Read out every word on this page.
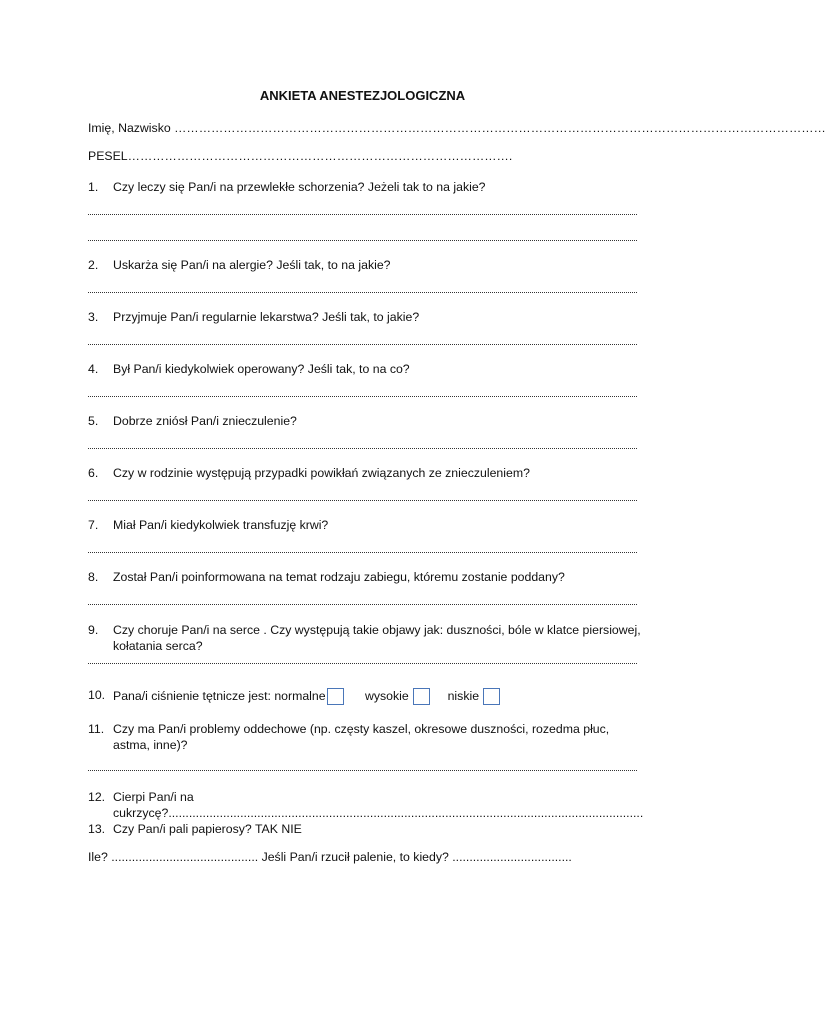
ANKIETA ANESTEZJOLOGICZNA
Imię, Nazwisko ……………………………………………………………………………………………………………………………………………
PESEL………………………………………………………………………………….
1. Czy leczy się Pan/i na przewlekłe schorzenia? Jeżeli tak to na jakie?
2. Uskarża się Pan/i na alergie? Jeśli tak, to na jakie?
3. Przyjmuje Pan/i regularnie lekarstwa? Jeśli tak, to jakie?
4. Był Pan/i kiedykolwiek operowany? Jeśli tak, to na co?
5. Dobrze zniósł Pan/i znieczulenie?
6. Czy w rodzinie występują przypadki powikłań związanych ze znieczuleniem?
7. Miał Pan/i kiedykolwiek transfuzję krwi?
8. Został Pan/i poinformowana na temat rodzaju zabiegu, któremu zostanie poddany?
9. Czy choruje Pan/i na serce . Czy występują takie objawy jak: duszności, bóle w klatce piersiowej,
kołatania serca?
10. Pana/i ciśnienie tętnicze jest: normalne	wysokie	niskie
11. Czy ma Pan/i problemy oddechowe (np. częsty kaszel, okresowe duszności, rozedma płuc,
astma, inne)?
12. Cierpi Pan/i na
cukrzycę?...........................................................................................................................................
13. Czy Pan/i pali papierosy? TAK NIE
Ile? ........................................... Jeśli Pan/i rzucił palenie, to kiedy? ...................................
